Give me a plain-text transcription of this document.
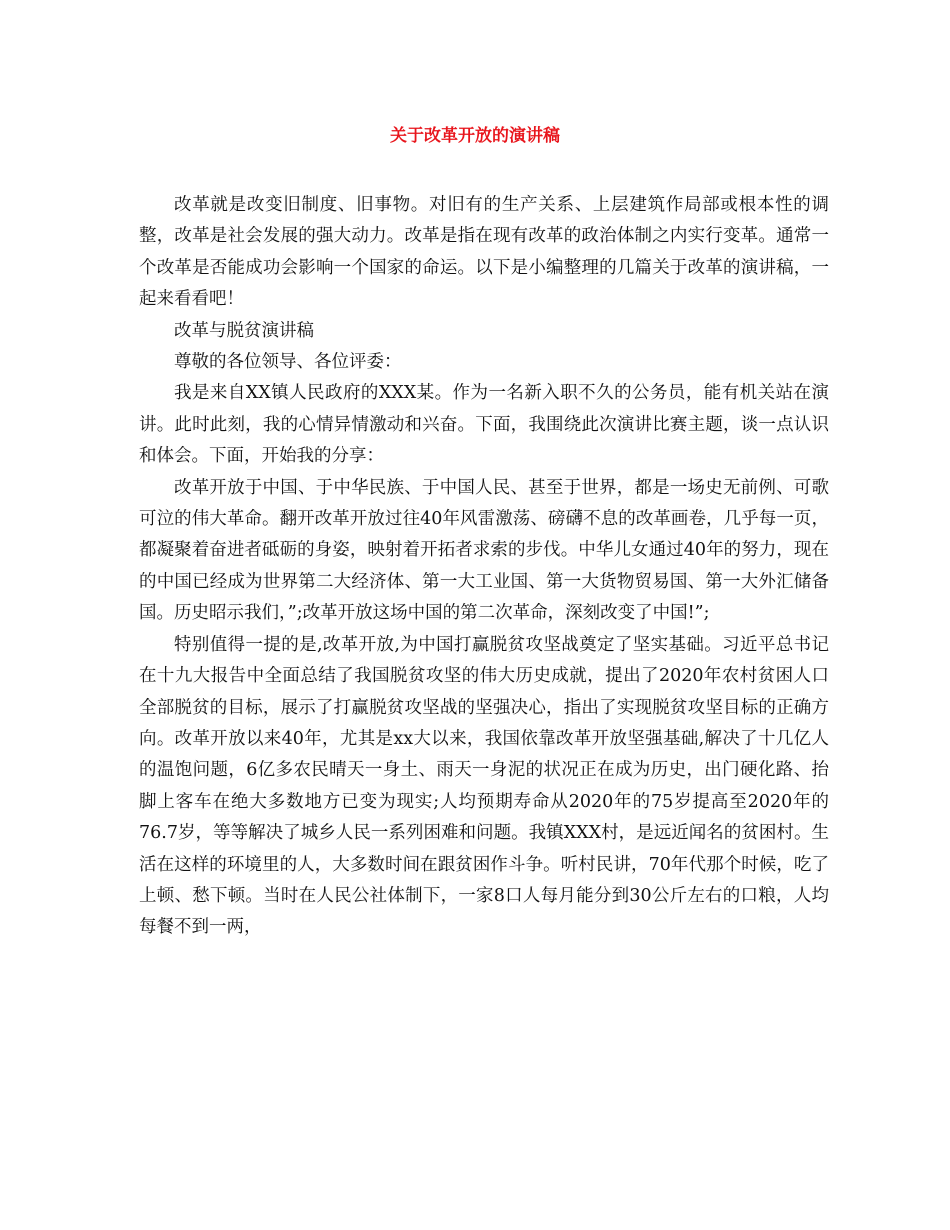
关于改革开放的演讲稿

改革就是改变旧制度、旧事物。对旧有的生产关系、上层建筑作局部或根本性的调整，改革是社会发展的强大动力。改革是指在现有改革的政治体制之内实行变革。通常一个改革是否能成功会影响一个国家的命运。以下是小编整理的几篇关于改革的演讲稿，一起来看看吧！

改革与脱贫演讲稿

尊敬的各位领导、各位评委：

我是来自XX镇人民政府的XXX某。作为一名新入职不久的公务员，能有机关站在演讲。此时此刻，我的心情异情激动和兴奋。下面，我围绕此次演讲比赛主题，谈一点认识和体会。下面，开始我的分享：

改革开放于中国、于中华民族、于中国人民、甚至于世界，都是一场史无前例、可歌可泣的伟大革命。翻开改革开放过往40年风雷激荡、磅礴不息的改革画卷，几乎每一页，都凝聚着奋进者砥砺的身姿，映射着开拓者求索的步伐。中华儿女通过40年的努力，现在的中国已经成为世界第二大经济体、第一大工业国、第一大货物贸易国、第一大外汇储备国。历史昭示我们，”;改革开放这场中国的第二次革命，深刻改变了中国!”;

特别值得一提的是,改革开放,为中国打赢脱贫攻坚战奠定了坚实基础。习近平总书记在十九大报告中全面总结了我国脱贫攻坚的伟大历史成就，提出了2020年农村贫困人口全部脱贫的目标，展示了打赢脱贫攻坚战的坚强决心，指出了实现脱贫攻坚目标的正确方向。改革开放以来40年，尤其是xx大以来，我国依靠改革开放坚强基础,解决了十几亿人的温饱问题，6亿多农民晴天一身土、雨天一身泥的状况正在成为历史，出门硬化路、抬脚上客车在绝大多数地方已变为现实;人均预期寿命从2020年的75岁提高至2020年的76.7岁，等等解决了城乡人民一系列困难和问题。我镇XXX村，是远近闻名的贫困村。生活在这样的环境里的人，大多数时间在跟贫困作斗争。听村民讲，70年代那个时候，吃了上顿、愁下顿。当时在人民公社体制下，一家8口人每月能分到30公斤左右的口粮，人均每餐不到一两，
